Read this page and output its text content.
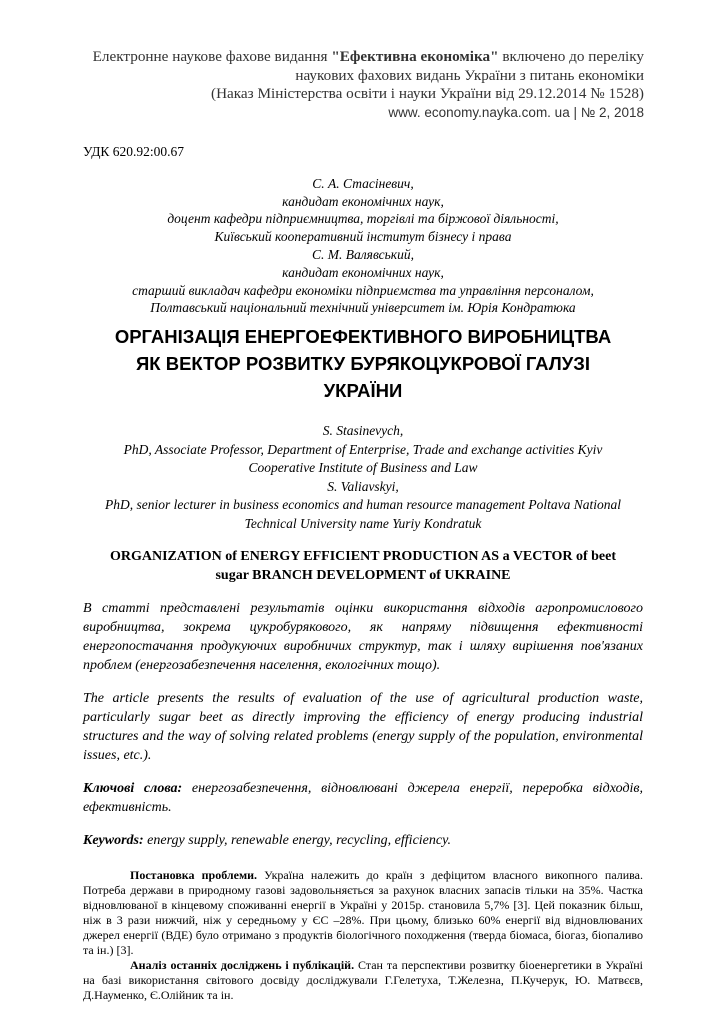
Електронне наукове фахове видання "Ефективна економіка" включено до переліку
наукових фахових видань України з питань економіки
(Наказ Міністерства освіти і науки України від 29.12.2014 № 1528)
www. economy.nayka.com. ua | № 2, 2018
УДК 620.92:00.67
С. А. Стасіневич,
кандидат економічних наук,
доцент кафедри підприємництва, торгівлі та біржової діяльності,
Київський кооперативний інститут бізнесу і права
С. М. Валявський,
кандидат економічних наук,
старший викладач кафедри економіки підприємства та управління персоналом,
Полтавський національний технічний університет ім. Юрія Кондратюка
ОРГАНІЗАЦІЯ ЕНЕРГОЕФЕКТИВНОГО ВИРОБНИЦТВА
ЯК ВЕКТОР РОЗВИТКУ БУРЯКОЦУКРОВОЇ ГАЛУЗІ
УКРАЇНИ
S. Stasinevych,
PhD, Associate Professor, Department of Enterprise, Trade and exchange activities Kyiv
Cooperative Institute of Business and Law
S. Valiavskyi,
PhD, senior lecturer in business economics and human resource management Poltava National
Technical University name Yuriy Kondratuk
ORGANIZATION of ENERGY EFFICIENT PRODUCTION AS a VECTOR of beet
sugar BRANCH DEVELOPMENT of UKRAINE

В статті представлені результатів оцінки використання відходів агропромислового виробництва, зокрема цукробурякового, як напряму підвищення ефективності енергопостачання продукуючих виробничих структур, так і шляху вирішення пов'язаних проблем (енергозабезпечення населення, екологічних тощо).

The article presents the results of evaluation of the use of agricultural production waste, particularly sugar beet as directly improving the efficiency of energy producing industrial structures and the way of solving related problems (energy supply of the population, environmental issues, etc.).

Ключові слова: енергозабезпечення, відновлювані джерела енергії, переробка відходів, ефективність.

Keywords: energy supply, renewable energy, recycling, efficiency.

Постановка проблеми. Україна належить до країн з дефіцитом власного викопного палива. Потреба держави в природному газові задовольняється за рахунок власних запасів тільки на 35%. Частка відновлюваної в кінцевому споживанні енергії в Україні у 2015р. становила 5,7% [3]. Цей показник більш, ніж в 3 рази нижчий, ніж у середньому у ЄС –28%. При цьому, близько 60% енергії від відновлюваних джерел енергії (ВДЕ) було отримано з продуктів біологічного походження (тверда біомаса, біогаз, біопаливо та ін.) [3].

Аналіз останніх досліджень і публікацій. Стан та перспективи розвитку біоенергетики в Україні на базі використання світового досвіду досліджували Г.Гелетуха, Т.Железна, П.Кучерук, Ю. Матвєєв, Д.Науменко, Є.Олійник та ін.
